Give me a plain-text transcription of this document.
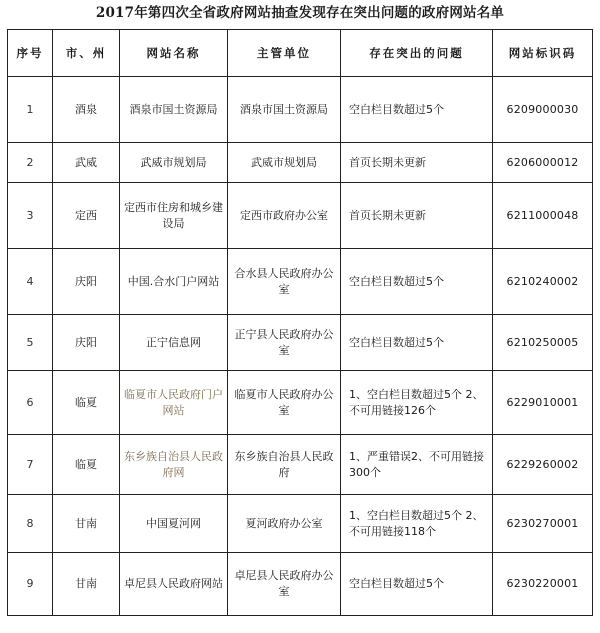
2017年第四次全省政府网站抽查发现存在突出问题的政府网站名单
序号	市、州	网站名称	主管单位	存在突出的问题	网站标识码
1	酒泉	酒泉市国土资源局	酒泉市国土资源局	空白栏目数超过5个	6209000030
2	武威	武威市规划局	武威市规划局	首页长期未更新	6206000012
3	定西	定西市住房和城乡建设局	定西市政府办公室	首页长期未更新	6211000048
4	庆阳	中国.合水门户网站	合水县人民政府办公室	空白栏目数超过5个	6210240002
5	庆阳	正宁信息网	正宁县人民政府办公室	空白栏目数超过5个	6210250005
6	临夏	临夏市人民政府门户网站	临夏市人民政府办公室	1、空白栏目数超过5个 2、不可用链接126个	6229010001
7	临夏	东乡族自治县人民政府网	东乡族自治县人民政府	1、严重错误2、不可用链接300个	6229260002
8	甘南	中国夏河网	夏河政府办公室	1、空白栏目数超过5个 2、不可用链接118个	6230270001
9	甘南	卓尼县人民政府网站	卓尼县人民政府办公室	空白栏目数超过5个	6230220001
